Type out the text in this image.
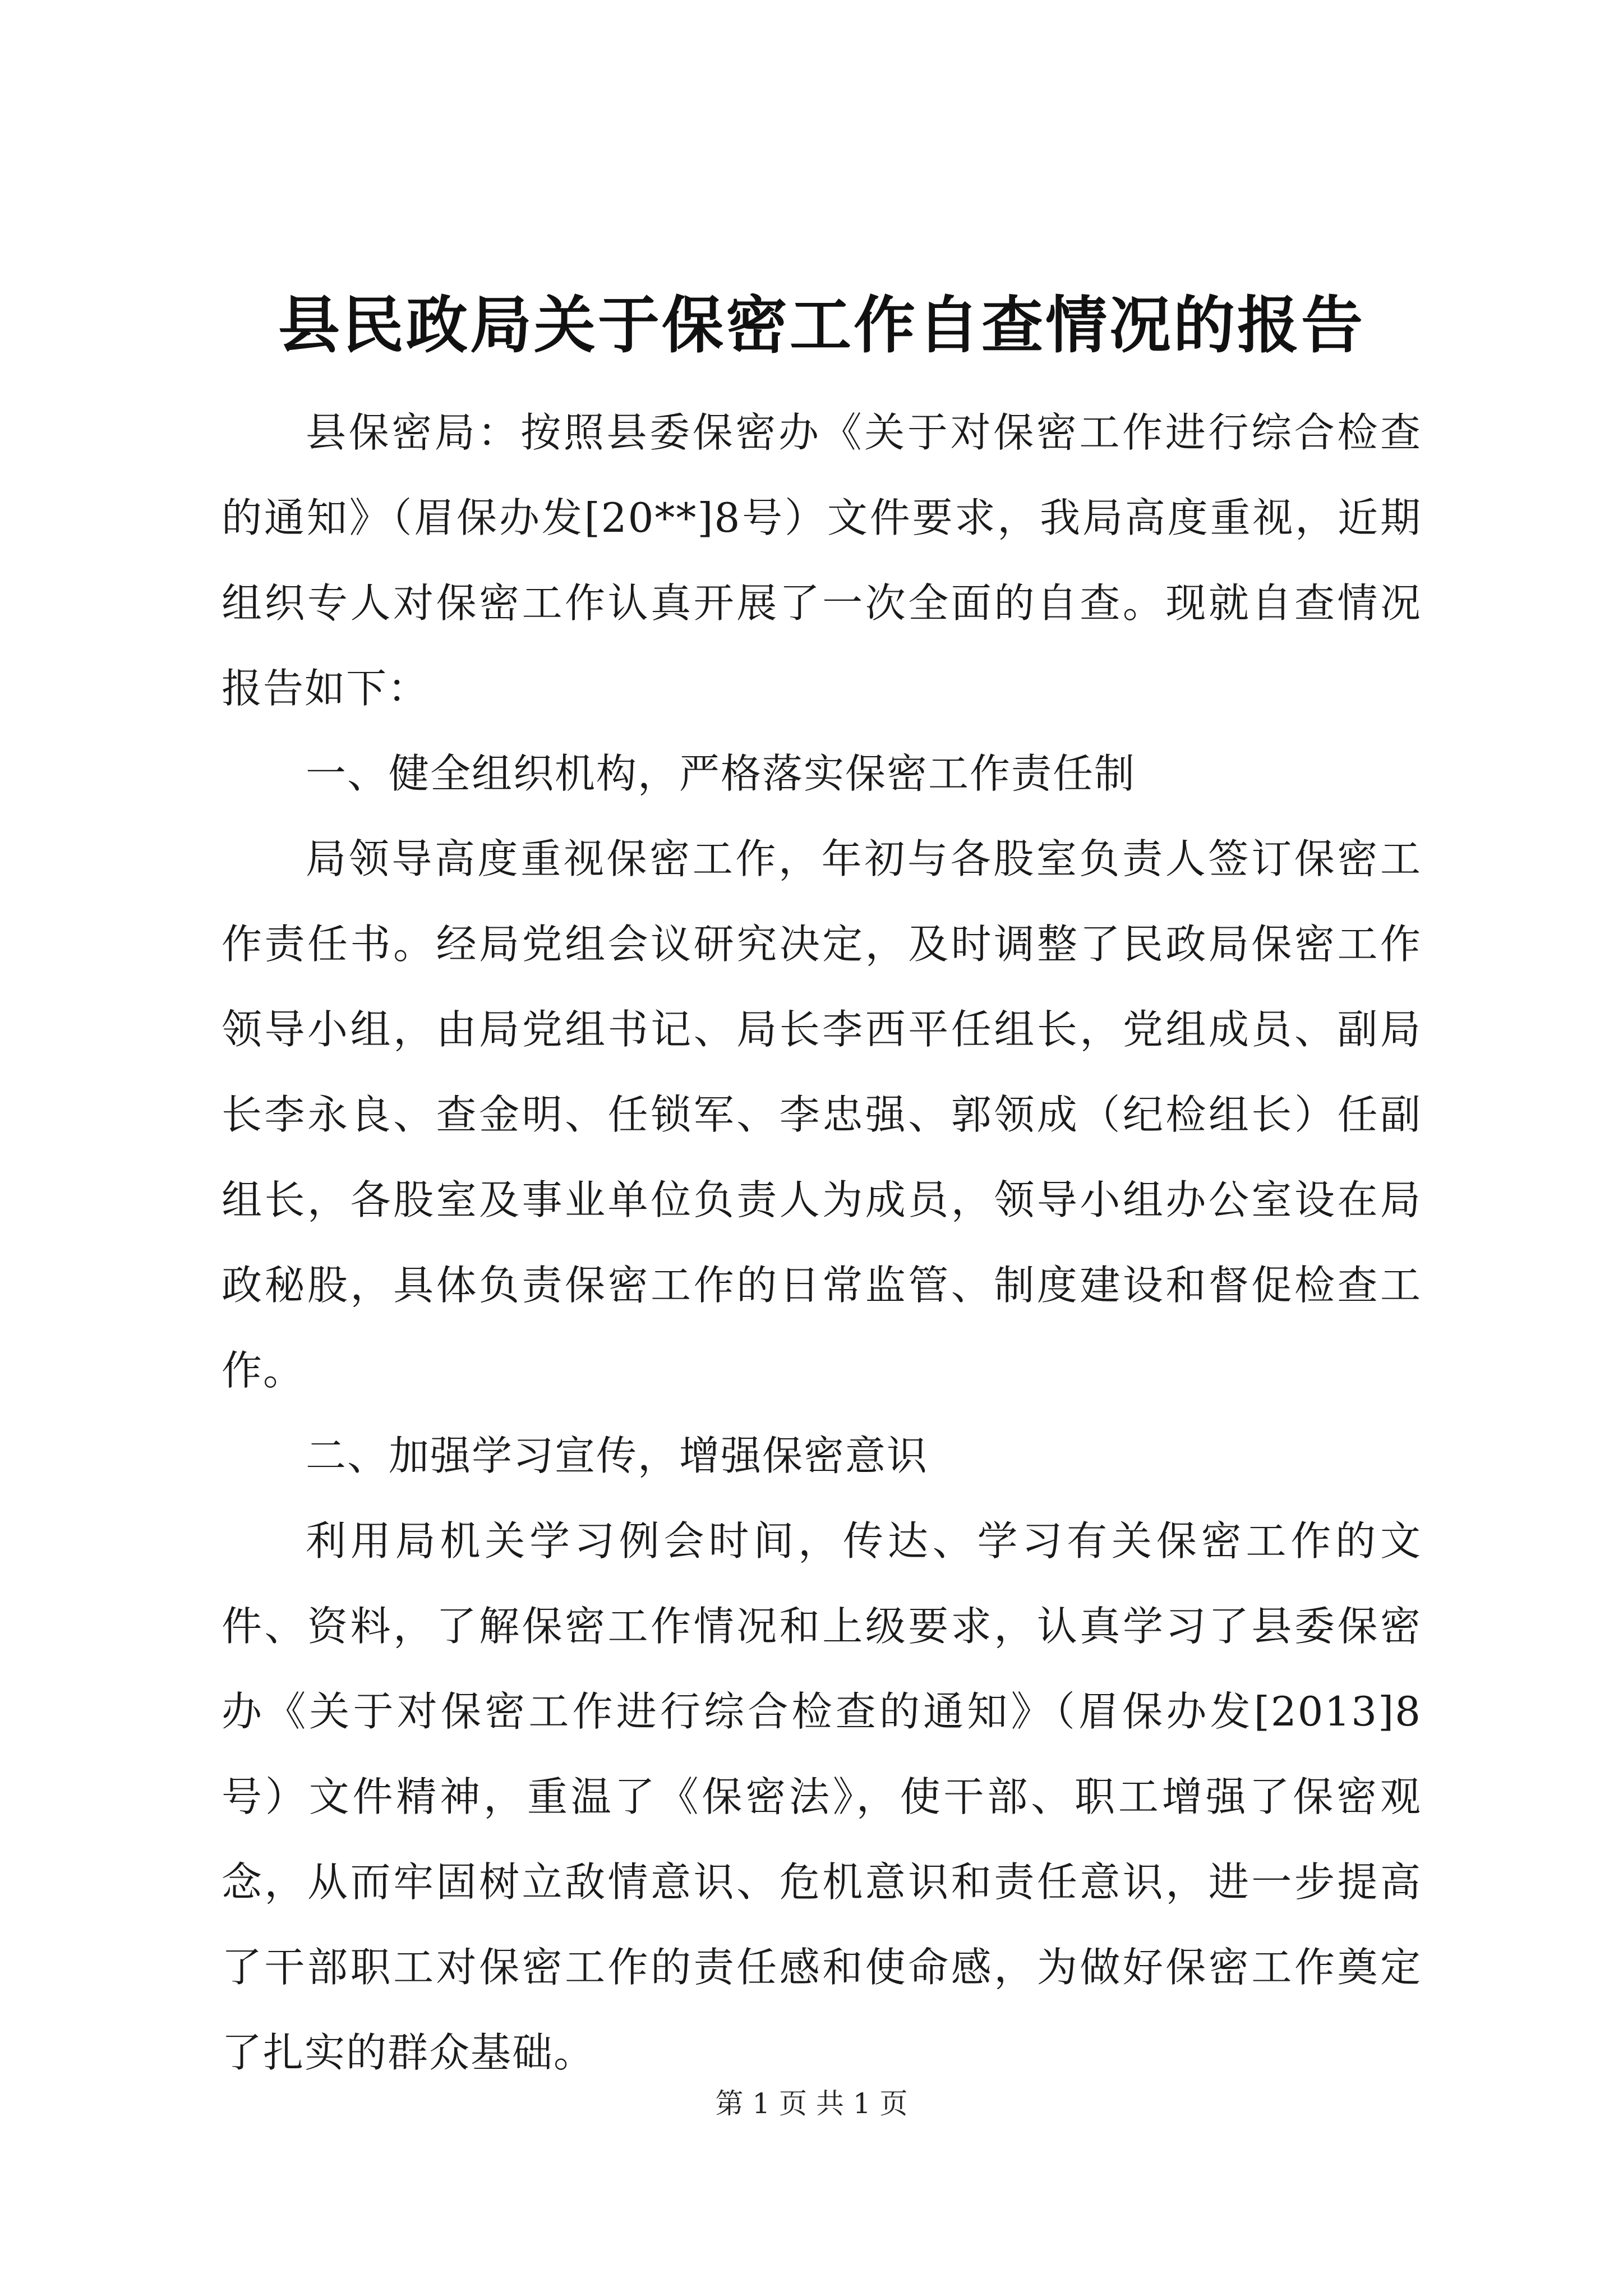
县民政局关于保密工作自查情况的报告

县保密局：按照县委保密办《关于对保密工作进行综合检查的通知》（眉保办发[20**]8号）文件要求，我局高度重视，近期组织专人对保密工作认真开展了一次全面的自查。现就自查情况报告如下：

一、健全组织机构，严格落实保密工作责任制

局领导高度重视保密工作，年初与各股室负责人签订保密工作责任书。经局党组会议研究决定，及时调整了民政局保密工作领导小组，由局党组书记、局长李西平任组长，党组成员、副局长李永良、查金明、任锁军、李忠强、郭领成（纪检组长）任副组长，各股室及事业单位负责人为成员，领导小组办公室设在局政秘股，具体负责保密工作的日常监管、制度建设和督促检查工作。

二、加强学习宣传，增强保密意识

利用局机关学习例会时间，传达、学习有关保密工作的文件、资料，了解保密工作情况和上级要求，认真学习了县委保密办《关于对保密工作进行综合检查的通知》（眉保办发[2013]8号）文件精神，重温了《保密法》，使干部、职工增强了保密观念，从而牢固树立敌情意识、危机意识和责任意识，进一步提高了干部职工对保密工作的责任感和使命感，为做好保密工作奠定了扎实的群众基础。

第 1 页 共 1 页
